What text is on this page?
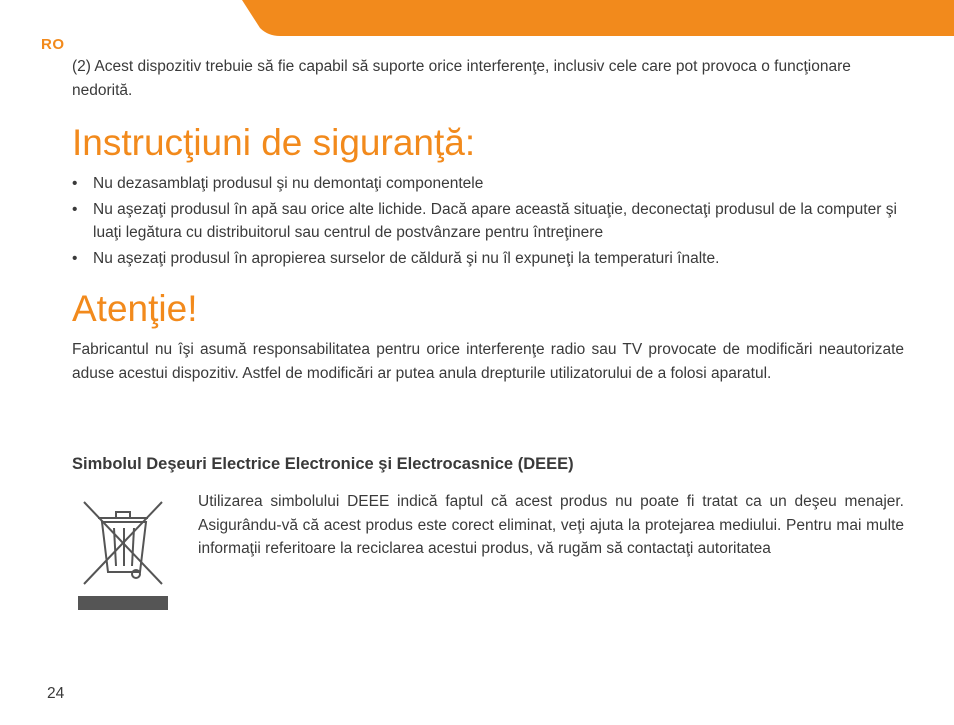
RO
(2) Acest dispozitiv trebuie să fie capabil să suporte orice interferenţe, inclusiv cele care pot provoca o funcţionare nedorită.
Instrucţiuni de siguranţă:
• Nu dezasamblaţi produsul şi nu demontaţi componentele
• Nu aşezaţi produsul în apă sau orice alte lichide. Dacă apare această situaţie, deconectaţi produsul de la computer şi luaţi legătura cu distribuitorul sau centrul de postvânzare pentru întreţinere
• Nu aşezaţi produsul în apropierea surselor de căldură şi nu îl expuneţi la temperaturi înalte.
Atenţie!
Fabricantul nu îşi asumă responsabilitatea pentru orice interferenţe radio sau TV provocate de modificări neautorizate aduse acestui dispozitiv. Astfel de modificări ar putea anula drepturile utilizatorului de a folosi aparatul.
Simbolul Deşeuri Electrice Electronice şi Electrocasnice (DEEE)
Utilizarea simbolului DEEE indică faptul că acest produs nu poate fi tratat ca un deşeu menajer. Asigurându-vă că acest produs este corect eliminat, veţi ajuta la protejarea mediului. Pentru mai multe informaţii referitoare la reciclarea acestui produs, vă rugăm să contactaţi autoritatea
24
